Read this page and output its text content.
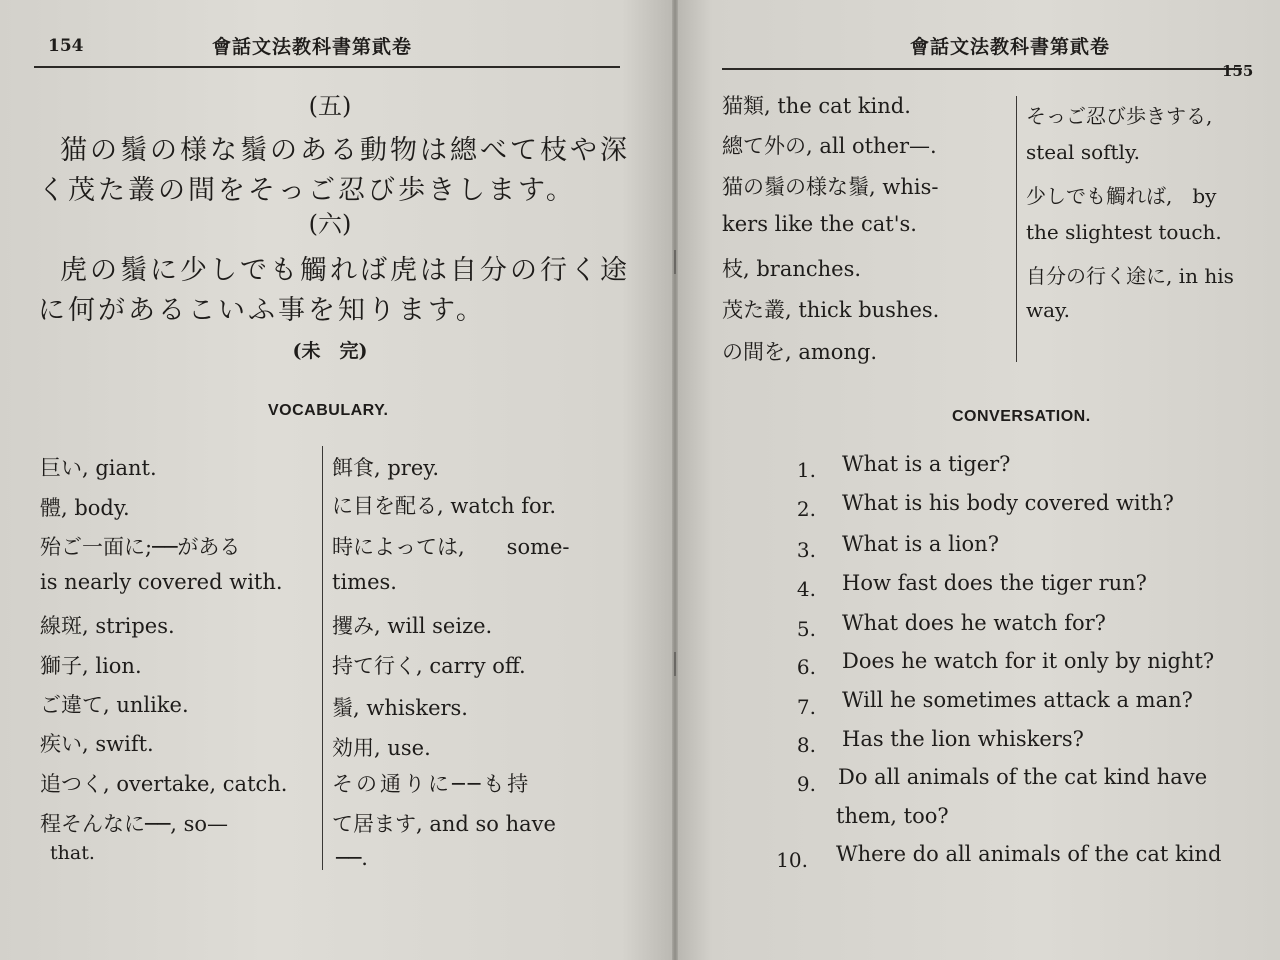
154	會話文法教科書第貮卷
(五)
猫の鬚の様な鬚のある動物は總べて枝や深
く茂た叢の間をそっご忍び歩きします。
(六)
虎の鬚に少しでも觸れば虎は自分の行く途
に何があるこいふ事を知ります。
(未　完)
VOCABULARY.
巨い, giant.
體, body.
殆ご一面に;──がある
is nearly covered with.
線斑, stripes.
獅子, lion.
ご違て, unlike.
疾い, swift.
追つく, overtake, catch.
程そんなに──, so—
that.
餌食, prey.
に目を配る, watch for.
時によっては,　　some-
times.
攫み, will seize.
持て行く, carry off.
鬚, whiskers.
効用, use.
その通りに──も持
て居ます, and so have
──.
會話文法教科書第貮卷
155
猫類, the cat kind.
總て外の, all other—.
猫の鬚の様な鬚, whis-
kers like the cat's.
枝, branches.
茂た叢, thick bushes.
の間を, among.
そっご忍び歩きする,
steal softly.
少しでも觸れば,　by
the slightest touch.
自分の行く途に, in his
way.
CONVERSATION.
1. What is a tiger?
2. What is his body covered with?
3. What is a lion?
4. How fast does the tiger run?
5. What does he watch for?
6. Does he watch for it only by night?
7. Will he sometimes attack a man?
8. Has the lion whiskers?
9. Do all animals of the cat kind have
them, too?
10. Where do all animals of the cat kind
